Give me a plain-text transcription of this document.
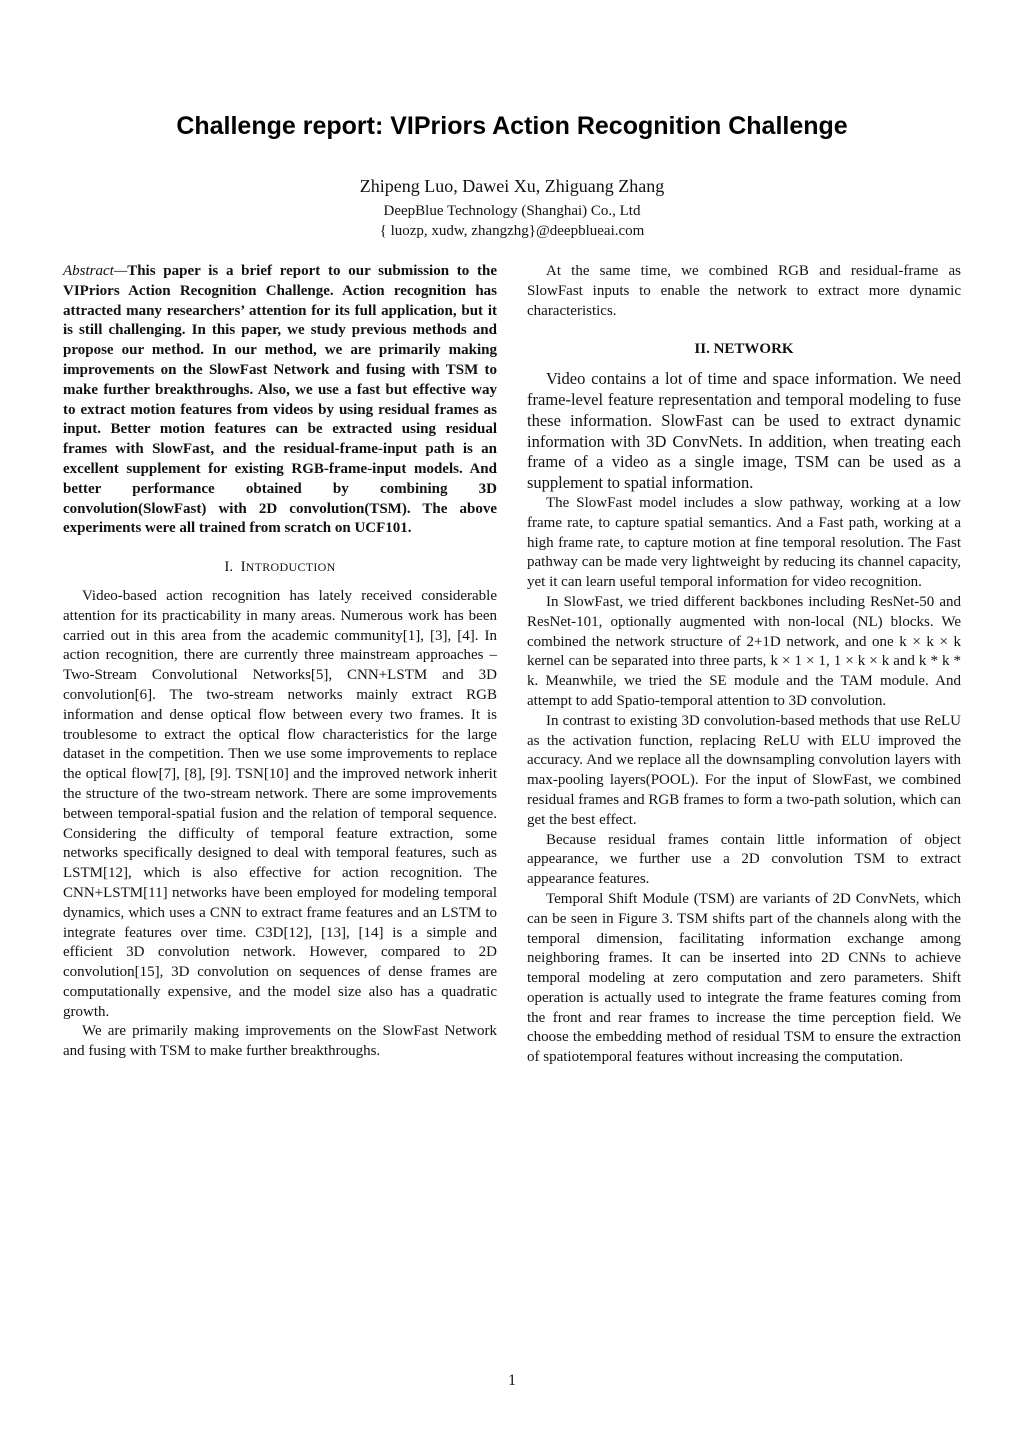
Challenge report: VIPriors Action Recognition Challenge

Zhipeng Luo, Dawei Xu, Zhiguang Zhang

DeepBlue Technology (Shanghai) Co., Ltd

{ luozp, xudw, zhangzhg}@deepblueai.com

Abstract—This paper is a brief report to our submission to the VIPriors Action Recognition Challenge. Action recognition has attracted many researchers’ attention for its full application, but it is still challenging. In this paper, we study previous methods and propose our method. In our method, we are primarily making improvements on the SlowFast Network and fusing with TSM to make further breakthroughs. Also, we use a fast but effective way to extract motion features from videos by using residual frames as input. Better motion features can be extracted using residual frames with SlowFast, and the residual-frame-input path is an excellent supplement for existing RGB-frame-input models. And better performance obtained by combining 3D convolution(SlowFast) with 2D convolution(TSM). The above experiments were all trained from scratch on UCF101.

I. INTRODUCTION

Video-based action recognition has lately received considerable attention for its practicability in many areas. Numerous work has been carried out in this area from the academic community[1], [3], [4]. In action recognition, there are currently three mainstream approaches – Two-Stream Convolutional Networks[5], CNN+LSTM and 3D convolution[6]. The two-stream networks mainly extract RGB information and dense optical flow between every two frames. It is troublesome to extract the optical flow characteristics for the large dataset in the competition. Then we use some improvements to replace the optical flow[7], [8], [9]. TSN[10] and the improved network inherit the structure of the two-stream network. There are some improvements between temporal-spatial fusion and the relation of temporal sequence. Considering the difficulty of temporal feature extraction, some networks specifically designed to deal with temporal features, such as LSTM[12], which is also effective for action recognition. The CNN+LSTM[11] networks have been employed for modeling temporal dynamics, which uses a CNN to extract frame features and an LSTM to integrate features over time. C3D[12], [13], [14] is a simple and efficient 3D convolution network. However, compared to 2D convolution[15], 3D convolution on sequences of dense frames are computationally expensive, and the model size also has a quadratic growth.

We are primarily making improvements on the SlowFast Network and fusing with TSM to make further breakthroughs.

At the same time, we combined RGB and residual-frame as SlowFast inputs to enable the network to extract more dynamic characteristics.

II. NETWORK

Video contains a lot of time and space information. We need frame-level feature representation and temporal modeling to fuse these information. SlowFast can be used to extract dynamic information with 3D ConvNets. In addition, when treating each frame of a video as a single image, TSM can be used as a supplement to spatial information.

The SlowFast model includes a slow pathway, working at a low frame rate, to capture spatial semantics. And a Fast path, working at a high frame rate, to capture motion at fine temporal resolution. The Fast pathway can be made very lightweight by reducing its channel capacity, yet it can learn useful temporal information for video recognition.

In SlowFast, we tried different backbones including ResNet-50 and ResNet-101, optionally augmented with non-local (NL) blocks. We combined the network structure of 2+1D network, and one k × k × k kernel can be separated into three parts, k × 1 × 1, 1 × k × k and k * k * k. Meanwhile, we tried the SE module and the TAM module. And attempt to add Spatio-temporal attention to 3D convolution.

In contrast to existing 3D convolution-based methods that use ReLU as the activation function, replacing ReLU with ELU improved the accuracy. And we replace all the downsampling convolution layers with max-pooling layers(POOL). For the input of SlowFast, we combined residual frames and RGB frames to form a two-path solution, which can get the best effect.

Because residual frames contain little information of object appearance, we further use a 2D convolution TSM to extract appearance features.

Temporal Shift Module (TSM) are variants of 2D ConvNets, which can be seen in Figure 3. TSM shifts part of the channels along with the temporal dimension, facilitating information exchange among neighboring frames. It can be inserted into 2D CNNs to achieve temporal modeling at zero computation and zero parameters. Shift operation is actually used to integrate the frame features coming from the front and rear frames to increase the time perception field. We choose the embedding method of residual TSM to ensure the extraction of spatiotemporal features without increasing the computation.

1
